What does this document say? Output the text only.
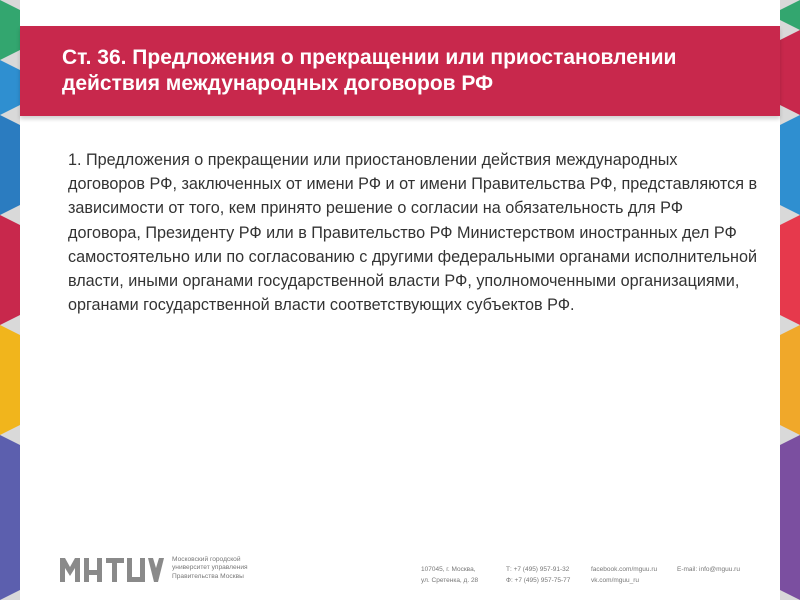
Ст. 36. Предложения о прекращении или приостановлении действия международных договоров РФ
1. Предложения о прекращении или приостановлении действия международных договоров РФ, заключенных от имени РФ и от имени Правительства РФ, представляются в зависимости от того, кем принято решение о согласии на обязательность для РФ договора, Президенту РФ или в Правительство РФ Министерством иностранных дел РФ самостоятельно или по согласованию с другими федеральными органами исполнительной власти, иными органами государственной власти РФ, уполномоченными организациями, органами государственной власти соответствующих субъектов РФ.
Московский городской
университет управления
Правительства Москвы
107045, г. Москва,
ул. Сретенка, д. 28
Т: +7 (495) 957-91-32
Ф: +7 (495) 957-75-77
facebook.com/mguu.ru
vk.com/mguu_ru
E-mail: info@mguu.ru
